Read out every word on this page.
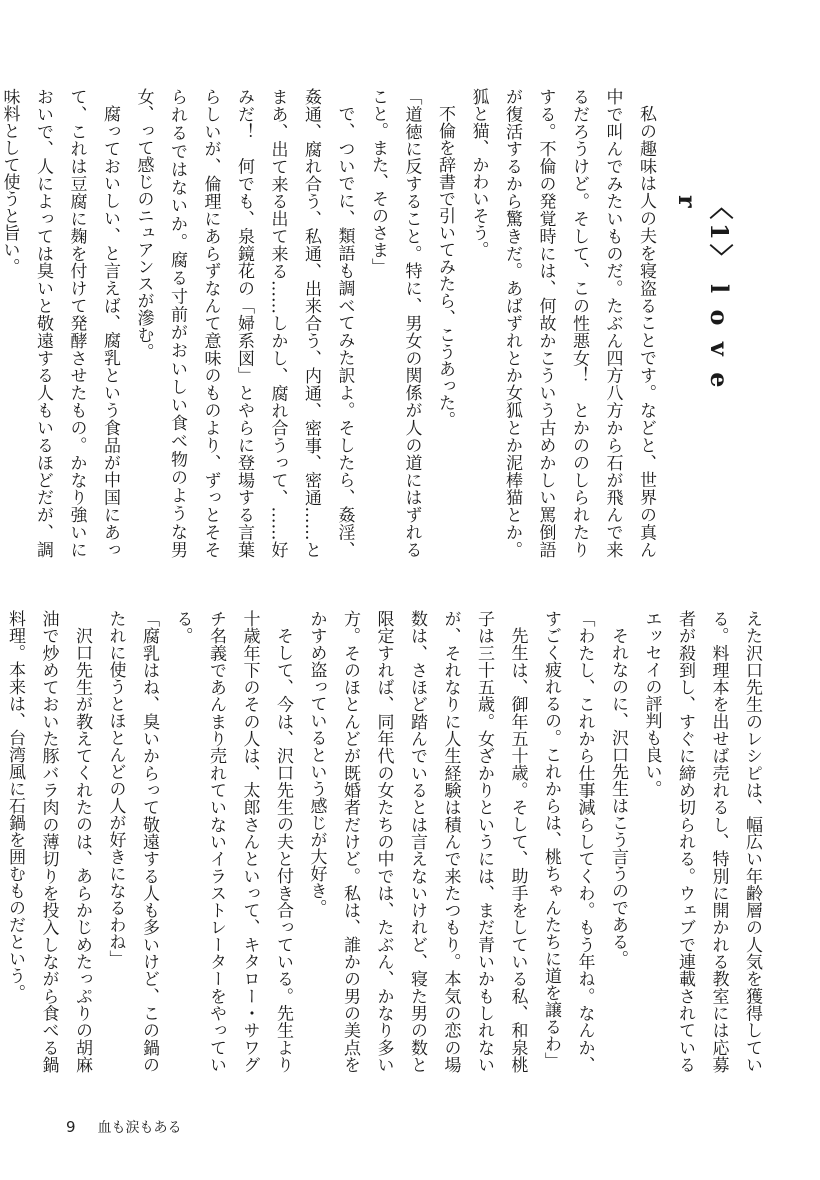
〈1〉 l o v e r

私の趣味は人の夫を寝盗ることです。などと、世界の真ん中で叫んでみたいものだ。たぶん四方八方から石が飛んで来るだろうけど。そして、この性悪女！　とかののしられたりする。不倫の発覚時には、何故かこういう古めかしい罵倒語が復活するから驚きだ。あばずれとか女狐とか泥棒猫とか。狐と猫、かわいそう。

不倫を辞書で引いてみたら、こうあった。

「道徳に反すること。特に、男女の関係が人の道にはずれること。また、そのさま」

で、ついでに、類語も調べてみた訳よ。そしたら、姦淫、姦通、腐れ合う、私通、出来合う、内通、密事、密通……とまあ、出て来る出て来る……しかし、腐れ合うって、……好みだ！　何でも、泉鏡花の「婦系図」とやらに登場する言葉らしいが、倫理にあらずなんて意味のものより、ずっとそそられるではないか。腐る寸前がおいしい食べ物のような男女、って感じのニュアンスが滲む。

腐っておいしい、と言えば、腐乳という食品が中国にあって、これは豆腐に麹を付けて発酵させたもの。かなり強いにおいで、人によっては臭いと敬遠する人もいるほどだが、調味料として使うと旨い。

えた沢口先生のレシピは、幅広い年齢層の人気を獲得している。料理本を出せば売れるし、特別に開かれる教室には応募者が殺到し、すぐに締め切られる。ウェブで連載されているエッセイの評判も良い。

それなのに、沢口先生はこう言うのである。

「わたし、これから仕事減らしてくわ。もう年ね。なんか、すごく疲れるの。これからは、桃ちゃんたちに道を譲るわ」

先生は、御年五十歳。そして、助手をしている私、和泉桃子は三十五歳。女ざかりというには、まだ青いかもしれないが、それなりに人生経験は積んで来たつもり。本気の恋の場数は、さほど踏んでいるとは言えないけれど、寝た男の数と限定すれば、同年代の女たちの中では、たぶん、かなり多い方。そのほとんどが既婚者だけど。私は、誰かの男の美点をかすめ盗っているという感じが大好き。

そして、今は、沢口先生の夫と付き合っている。先生より十歳年下のその人は、太郎さんといって、キタロー・サワグチ名義であんまり売れていないイラストレーターをやっている。

「腐乳はね、臭いからって敬遠する人も多いけど、この鍋のたれに使うとほとんどの人が好きになるわね」

沢口先生が教えてくれたのは、あらかじめたっぷりの胡麻油で炒めておいた豚バラ肉の薄切りを投入しながら食べる鍋料理。本来は、台湾風に石鍋を囲むものだという。

9 血も涙もある
